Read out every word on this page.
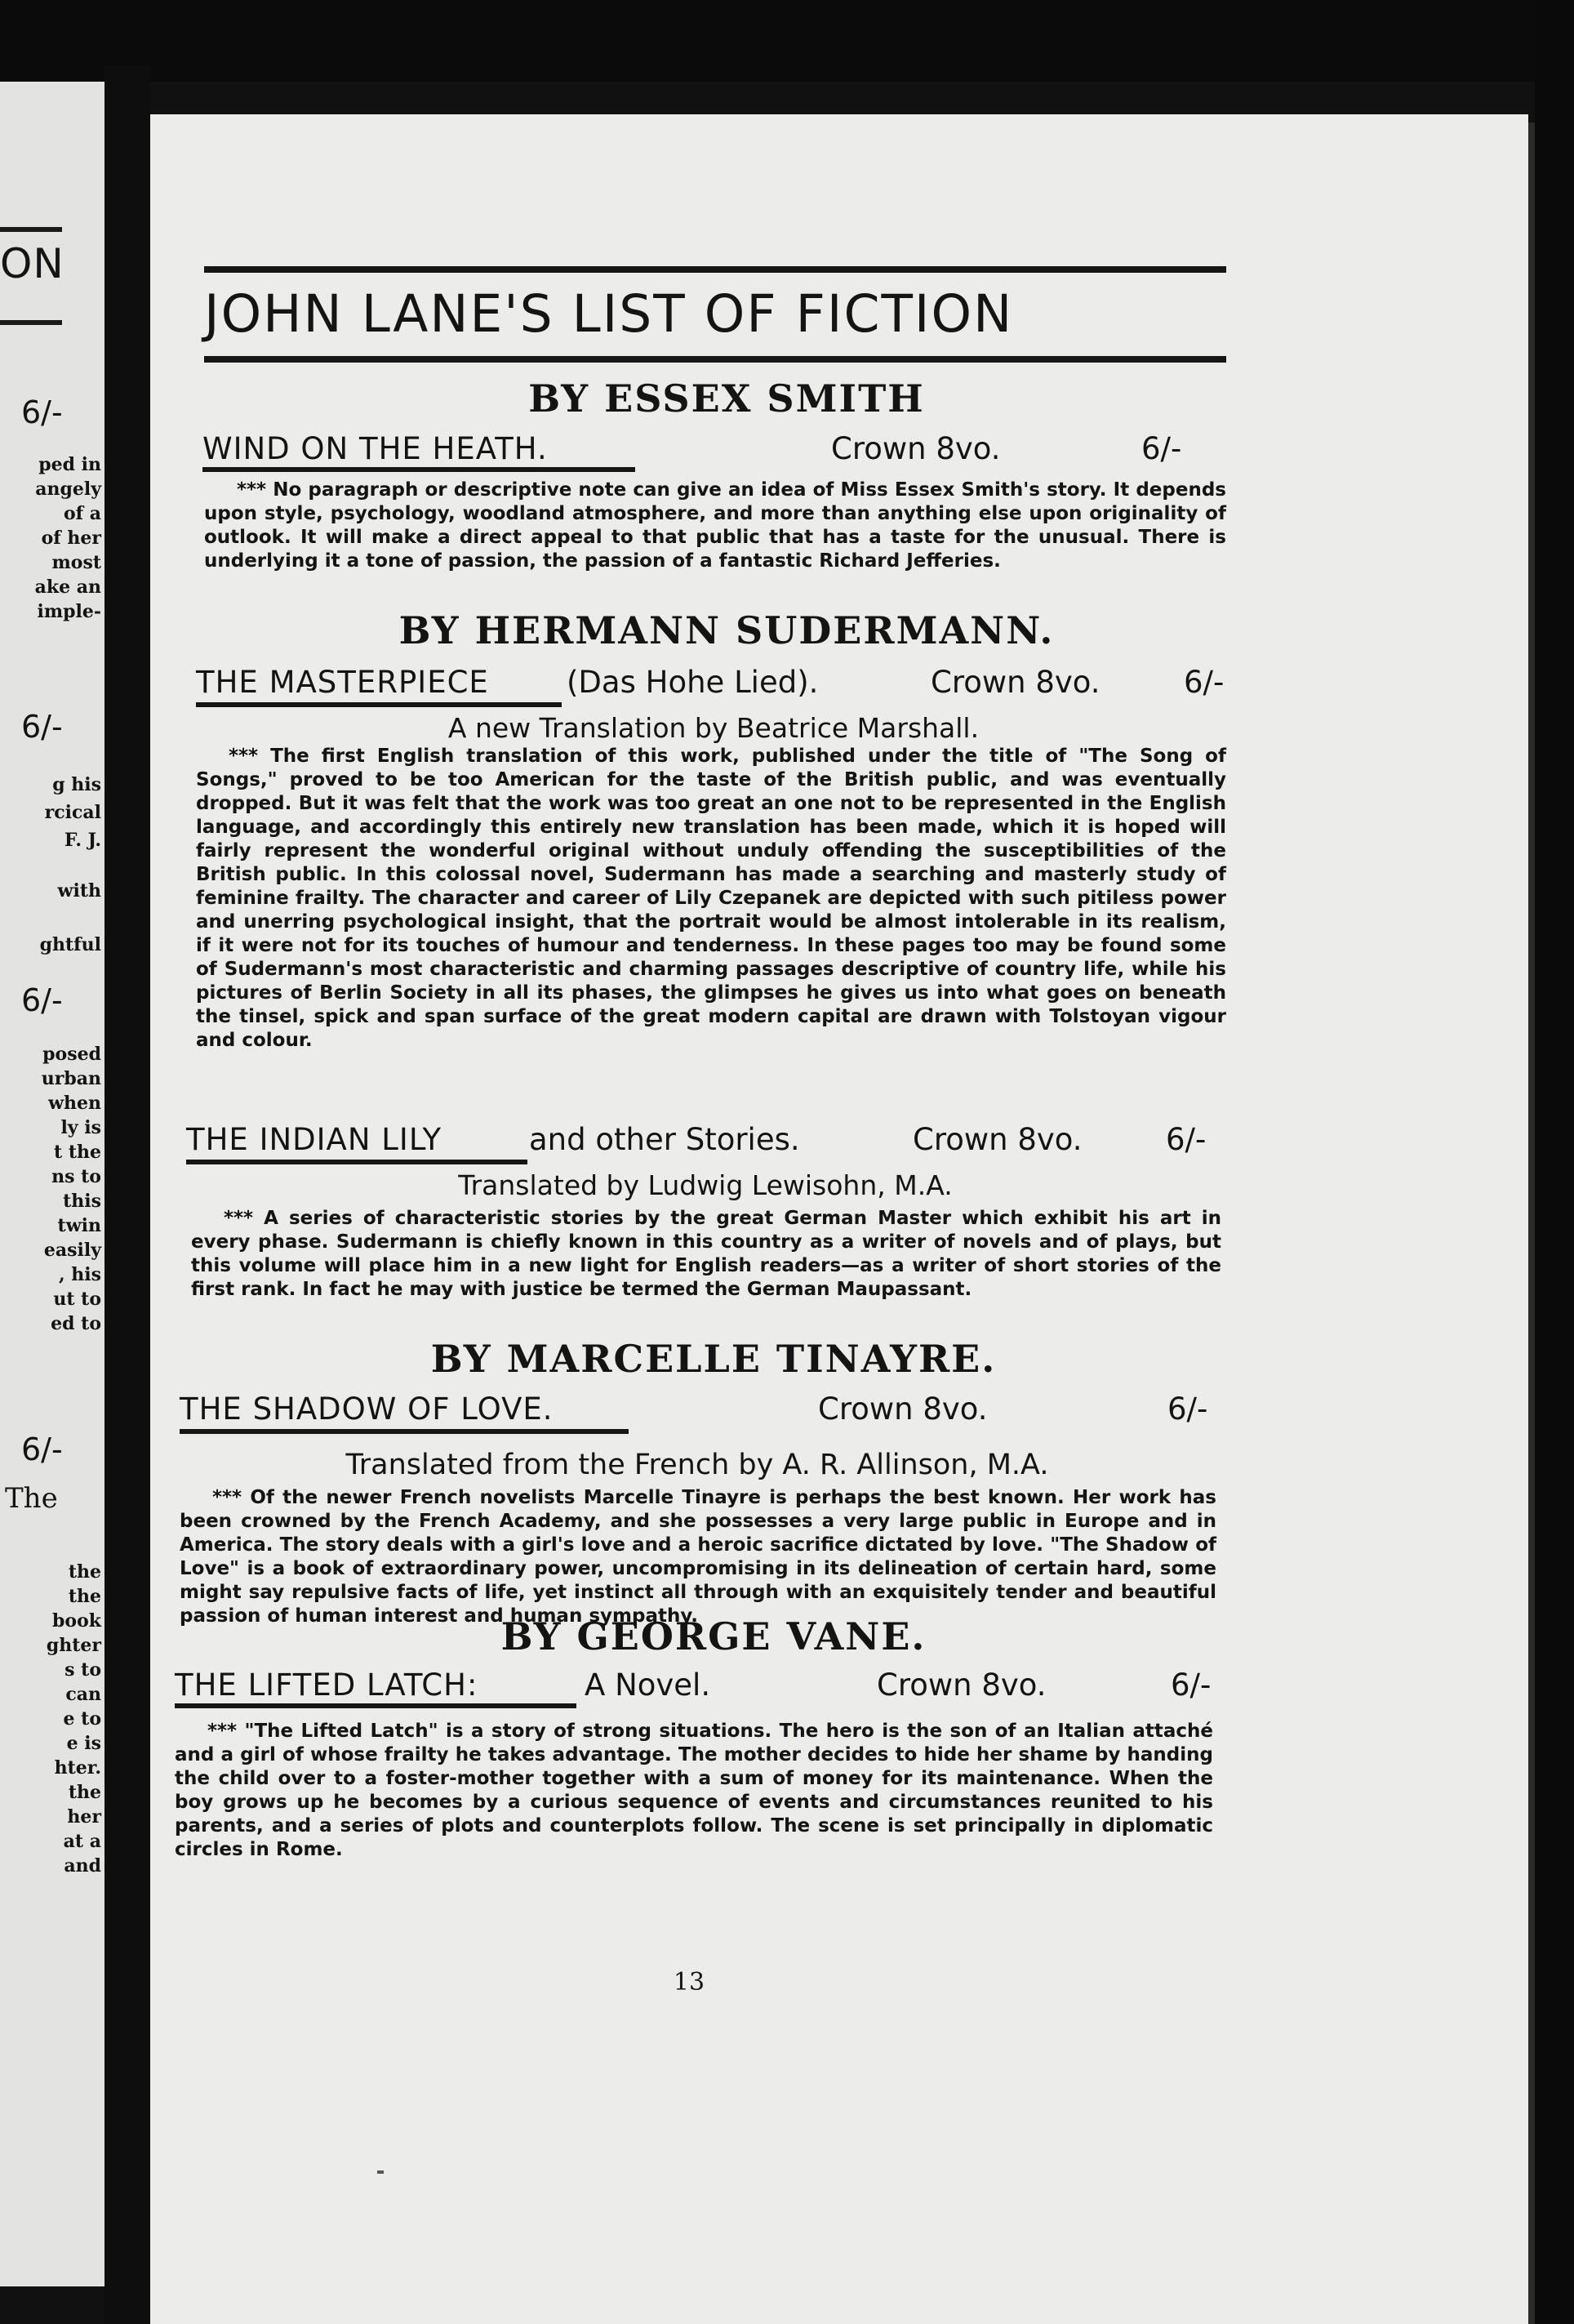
ON
6/-
ped in
angely
of a
of her
most
ake an
imple-
6/-
g his
rcical
F. J.
with
ghtful
6/-
posed
urban
when
ly is
t the
ns to
this
twin
easily
, his
ut to
ed to
6/-
The
the
the
book
ghter
s to
can
e to
e is
hter.
the
her
at a
and
JOHN LANE'S LIST OF FICTION
BY ESSEX SMITH
WIND ON THE HEATH.	Crown 8vo.	6/-
*** No paragraph or descriptive note can give an idea of Miss Essex Smith's story. It depends upon style, psychology, woodland atmosphere, and more than anything else upon originality of outlook. It will make a direct appeal to that public that has a taste for the unusual. There is underlying it a tone of passion, the passion of a fantastic Richard Jefferies.
BY HERMANN SUDERMANN.
THE MASTERPIECE	(Das Hohe Lied).	Crown 8vo.	6/-
A new Translation by Beatrice Marshall.
*** The first English translation of this work, published under the title of "The Song of Songs," proved to be too American for the taste of the British public, and was eventually dropped. But it was felt that the work was too great an one not to be represented in the English language, and accordingly this entirely new translation has been made, which it is hoped will fairly represent the wonderful original without unduly offending the susceptibilities of the British public. In this colossal novel, Sudermann has made a searching and masterly study of feminine frailty. The character and career of Lily Czepanek are depicted with such pitiless power and unerring psychological insight, that the portrait would be almost intolerable in its realism, if it were not for its touches of humour and tenderness. In these pages too may be found some of Sudermann's most characteristic and charming passages descriptive of country life, while his pictures of Berlin Society in all its phases, the glimpses he gives us into what goes on beneath the tinsel, spick and span surface of the great modern capital are drawn with Tolstoyan vigour and colour.
THE INDIAN LILY	and other Stories.	Crown 8vo.	6/-
Translated by Ludwig Lewisohn, M.A.
*** A series of characteristic stories by the great German Master which exhibit his art in every phase. Sudermann is chiefly known in this country as a writer of novels and of plays, but this volume will place him in a new light for English readers—as a writer of short stories of the first rank. In fact he may with justice be termed the German Maupassant.
BY MARCELLE TINAYRE.
THE SHADOW OF LOVE.	Crown 8vo.	6/-
Translated from the French by A. R. Allinson, M.A.
*** Of the newer French novelists Marcelle Tinayre is perhaps the best known. Her work has been crowned by the French Academy, and she possesses a very large public in Europe and in America. The story deals with a girl's love and a heroic sacrifice dictated by love. "The Shadow of Love" is a book of extraordinary power, uncompromising in its delineation of certain hard, some might say repulsive facts of life, yet instinct all through with an exquisitely tender and beautiful passion of human interest and human sympathy.
BY GEORGE VANE.
THE LIFTED LATCH:	A Novel.	Crown 8vo.	6/-
*** "The Lifted Latch" is a story of strong situations. The hero is the son of an Italian attaché and a girl of whose frailty he takes advantage. The mother decides to hide her shame by handing the child over to a foster-mother together with a sum of money for its maintenance. When the boy grows up he becomes by a curious sequence of events and circumstances reunited to his parents, and a series of plots and counterplots follow. The scene is set principally in diplomatic circles in Rome.
13
